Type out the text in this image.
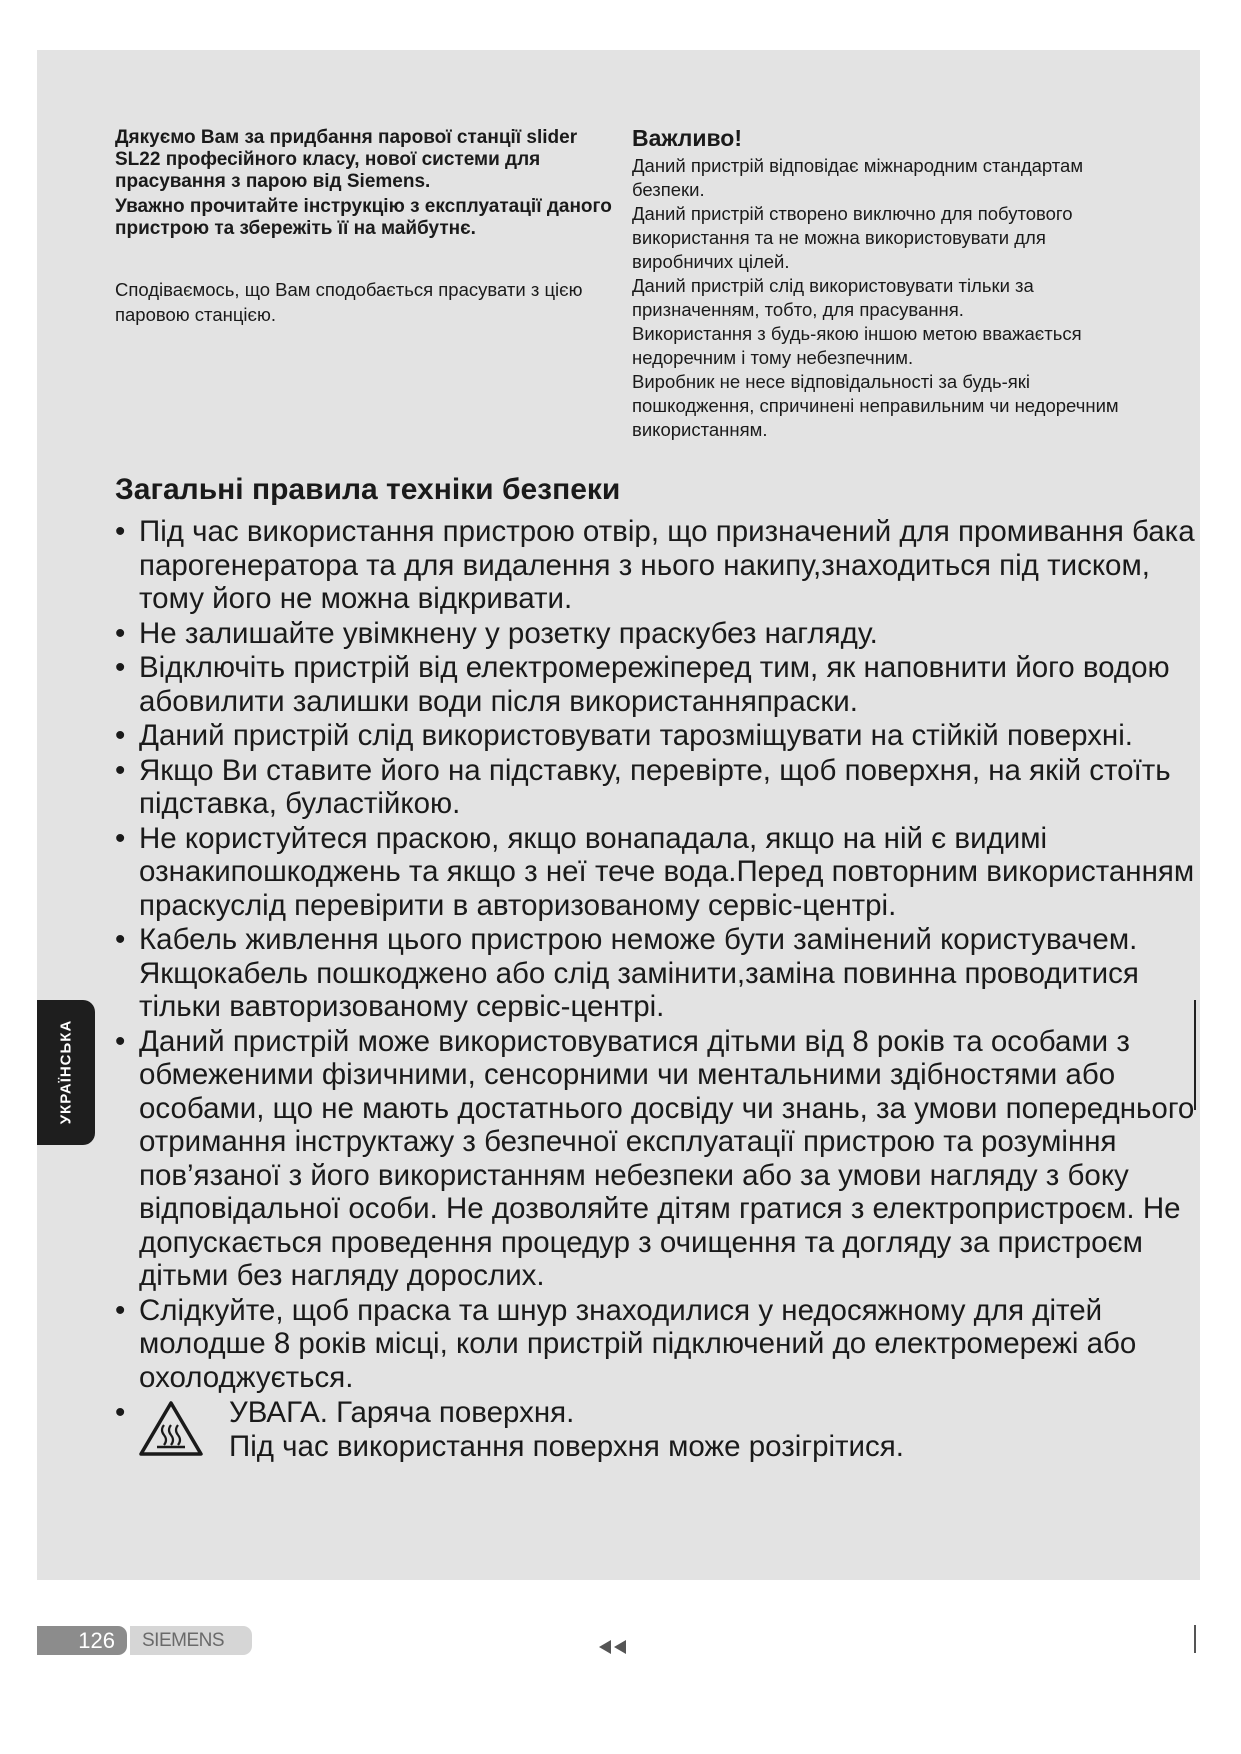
Дякуємо Вам за придбання парової станції slider SL22 професійного класу, нової системи для прасування з парою від Siemens.

Уважно прочитайте інструкцію з експлуатації даного пристрою та збережіть її на майбутнє.

Сподіваємось, що Вам сподобається прасувати з цією паровою станцією.

Важливо!

Даний пристрій відповідає міжнародним стандартам безпеки.

Даний пристрій створено виключно для побутового використання та не можна використовувати для виробничих цілей.

Даний пристрій слід використовувати тільки за призначенням, тобто, для прасування.

Використання з будь-якою іншою метою вважається недоречним і тому небезпечним.

Виробник не несе відповідальності за будь-які пошкодження, спричинені неправильним чи недоречним використанням.

Загальні правила техніки безпеки
• Під час використання пристрою отвір, що призначений для промивання бака парогенератора та для видалення з нього накипу,знаходиться під тиском, тому його не можна відкривати.
• Не залишайте увімкнену у розетку праскубез нагляду.
• Відключіть пристрій від електромережіперед тим, як наповнити його водою абовилити залишки води після використанняпраски.
• Даний пристрій слід використовувати тарозміщувати на стійкій поверхні.
• Якщо Ви ставите його на підставку, перевірте, щоб поверхня, на якій стоїть підставка, буластійкою.
• Не користуйтеся праскою, якщо вонападала, якщо на ній є видимі ознакипошкоджень та якщо з неї тече вода.Перед повторним використанням праскуслід перевірити в авторизованому сервіс-центрі.
• Кабель живлення цього пристрою неможе бути замінений користувачем. Якщокабель пошкоджено або слід замінити,заміна повинна проводитися тільки вавторизованому сервіс-центрі.
• Даний пристрій може використовуватися дітьми від 8 років та особами з обмеженими фізичними, сенсорними чи ментальними здібностями або особами, що не мають достатнього досвіду чи знань, за умови попереднього отримання інструктажу з безпечної експлуатації пристрою та розуміння пов’язаної з його використанням небезпеки або за умови нагляду з боку відповідальної особи. Не дозволяйте дітям гратися з електропристроєм. Не допускається проведення процедур з очищення та догляду за пристроєм дітьми без нагляду дорослих.
• Слідкуйте, щоб праска та шнур знаходилися у недосяжному для дітей молодше 8 років місці, коли пристрій підключений до електромережі або охолоджується.
•	УВАГА. Гаряча поверхня.
Під час використання поверхня може розігрітися.
УКРАЇНСЬКА
126	SIEMENS
